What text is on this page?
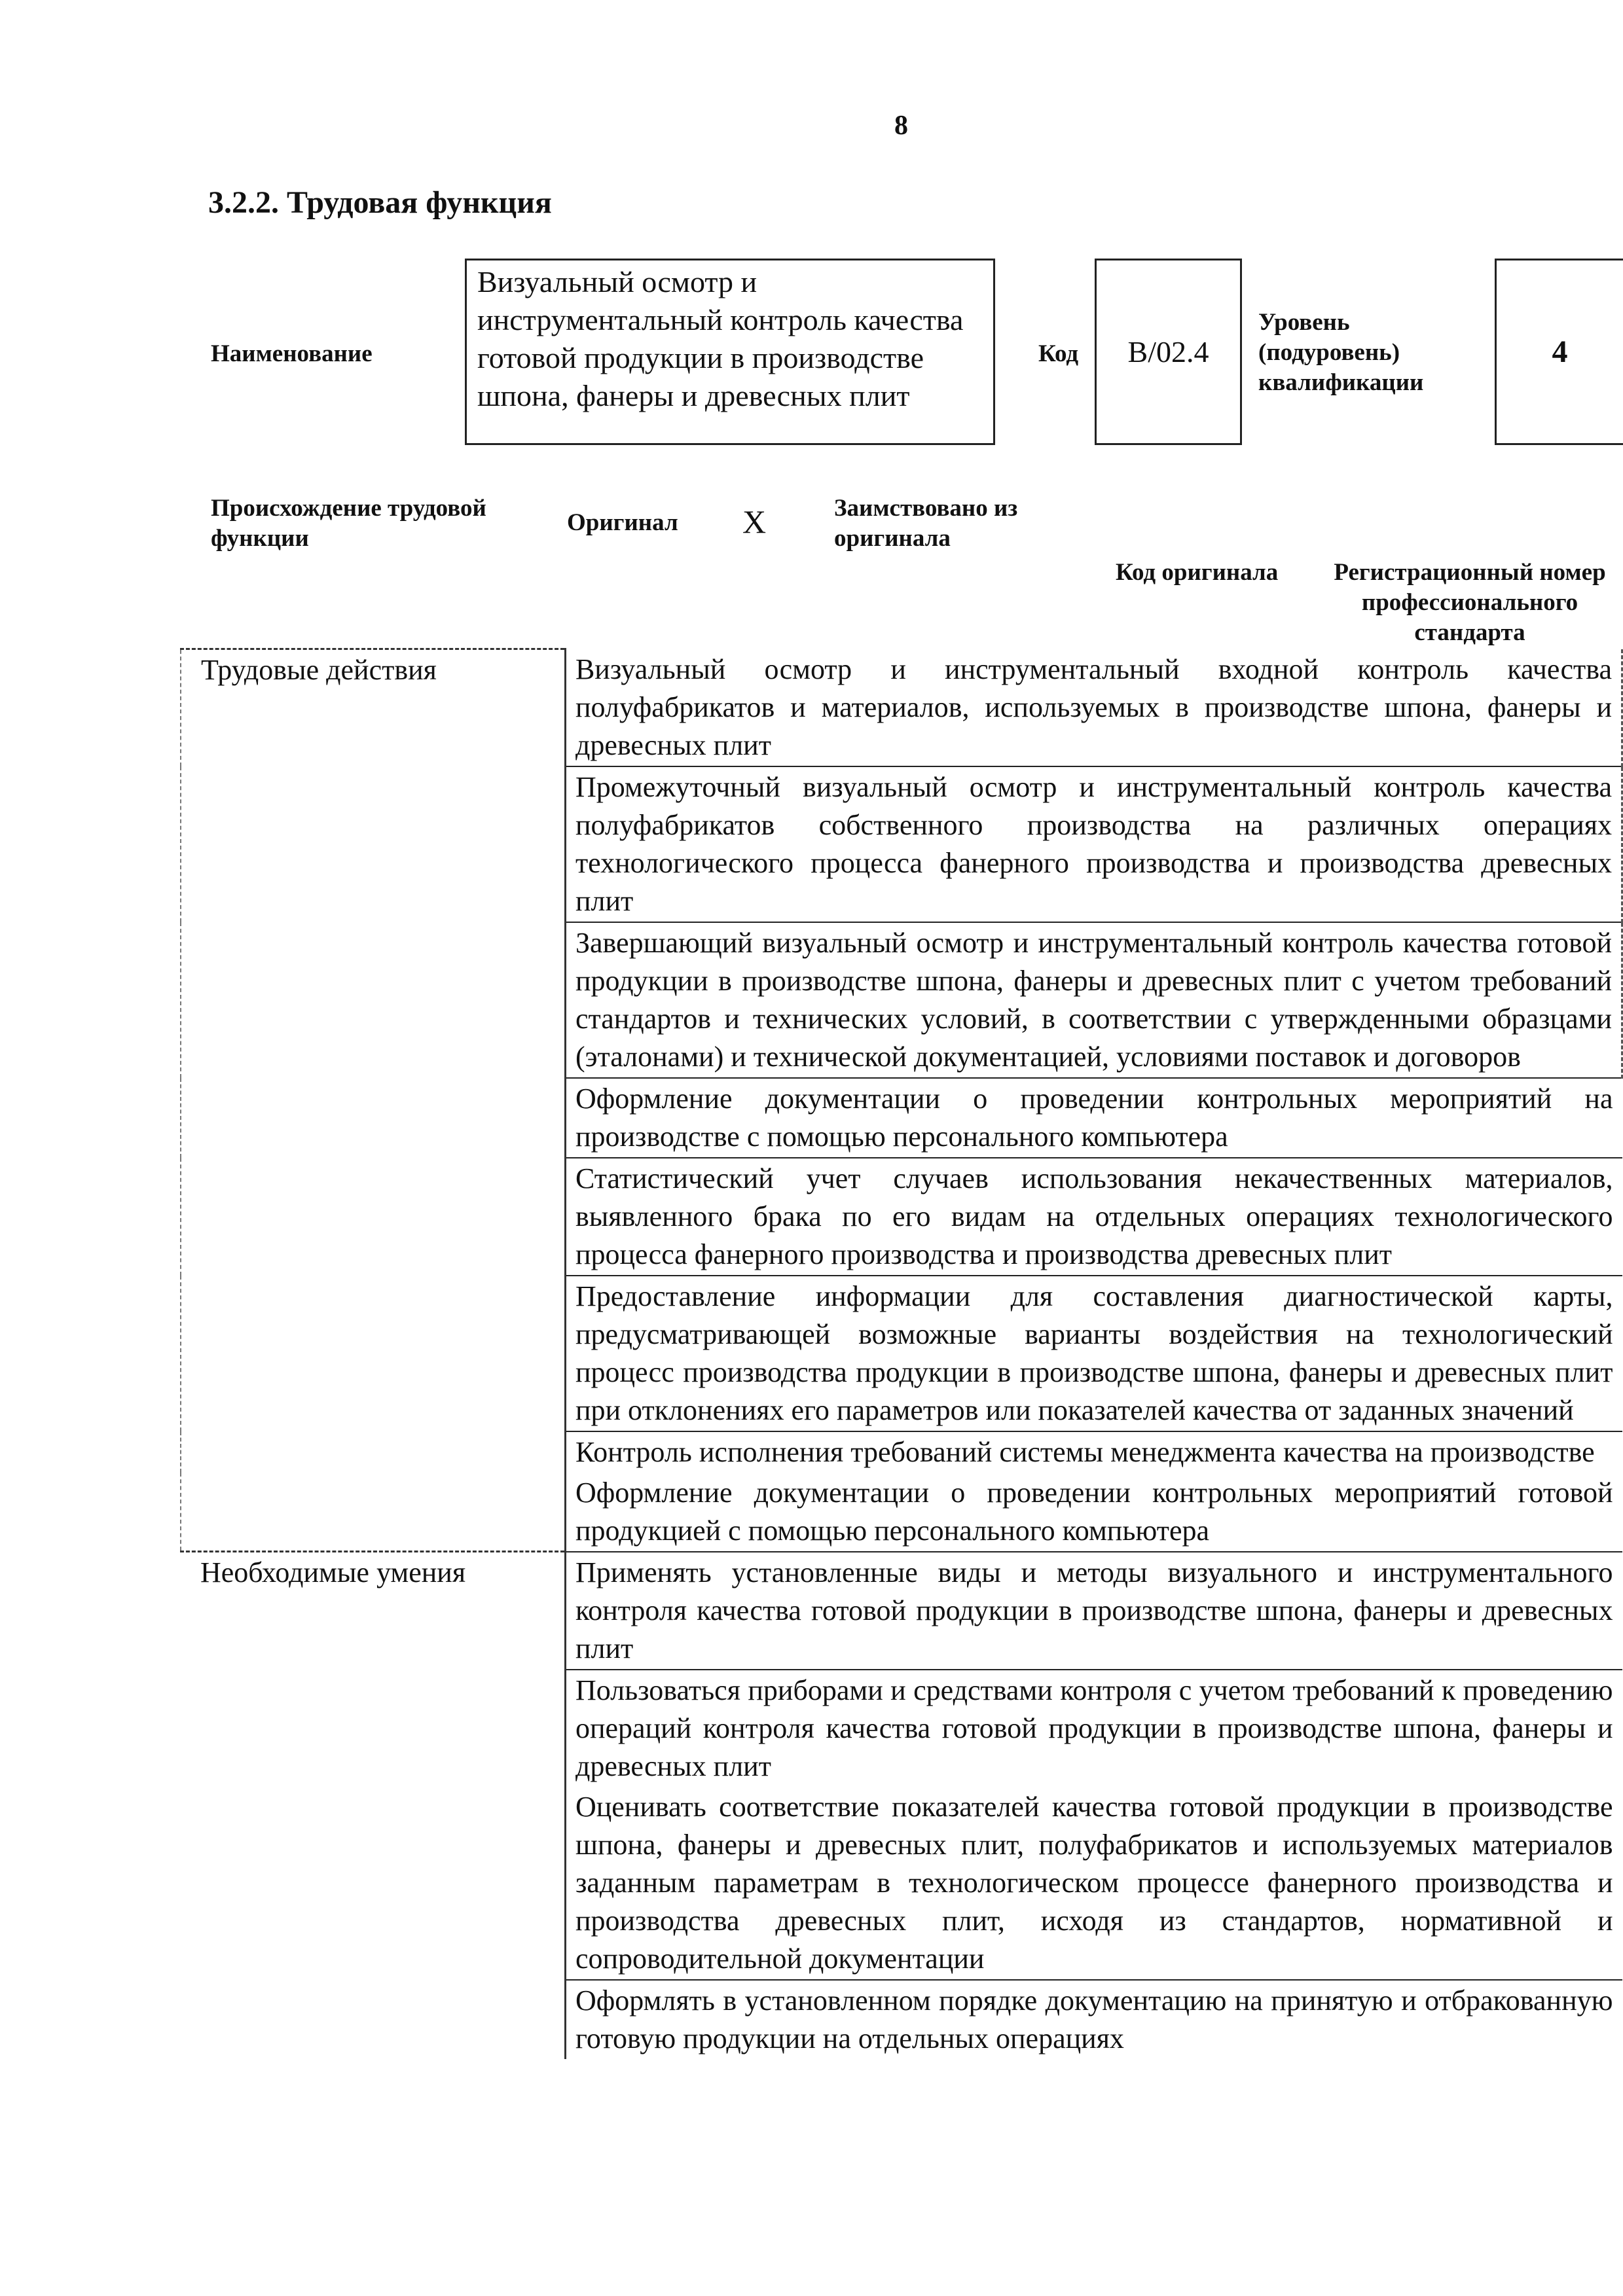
8
3.2.2. Трудовая функция
Наименование
Визуальный осмотр и инструментальный контроль качества готовой продукции в производстве шпона, фанеры и древесных плит
Код B/02.4
Уровень (подуровень) квалификации
4
Происхождение трудовой функции
Оригинал X	Заимствовано из оригинала
Код оригинала	Регистрационный номер профессионального стандарта
Трудовые действия	Визуальный осмотр и инструментальный входной контроль качества полуфабрикатов и материалов, используемых в производстве шпона, фанеры и древесных плит
	Промежуточный визуальный осмотр и инструментальный контроль качества полуфабрикатов собственного производства на различных операциях технологического процесса фанерного производства и производства древесных плит
	Завершающий визуальный осмотр и инструментальный контроль качества готовой продукции в производстве шпона, фанеры и древесных плит с учетом требований стандартов и технических условий, в соответствии с утвержденными образцами (эталонами) и технической документацией, условиями поставок и договоров
	Оформление документации о проведении контрольных мероприятий на производстве с помощью персонального компьютера
	Статистический учет случаев использования некачественных материалов, выявленного брака по его видам на отдельных операциях технологического процесса фанерного производства и производства древесных плит
	Предоставление информации для составления диагностической карты, предусматривающей возможные варианты воздействия на технологический процесс производства продукции в производстве шпона, фанеры и древесных плит при отклонениях его параметров или показателей качества от заданных значений
	Контроль исполнения требований системы менеджмента качества на производстве
	Оформление документации о проведении контрольных мероприятий готовой продукцией с помощью персонального компьютера
Необходимые умения	Применять установленные виды и методы визуального и инструментального контроля качества готовой продукции в производстве шпона, фанеры и древесных плит
	Пользоваться приборами и средствами контроля с учетом требований к проведению операций контроля качества готовой продукции в производстве шпона, фанеры и древесных плит
	Оценивать соответствие показателей качества готовой продукции в производстве шпона, фанеры и древесных плит, полуфабрикатов и используемых материалов заданным параметрам в технологическом процессе фанерного производства и производства древесных плит, исходя из стандартов, нормативной и сопроводительной документации
	Оформлять в установленном порядке документацию на принятую и отбракованную готовую продукции на отдельных операциях
